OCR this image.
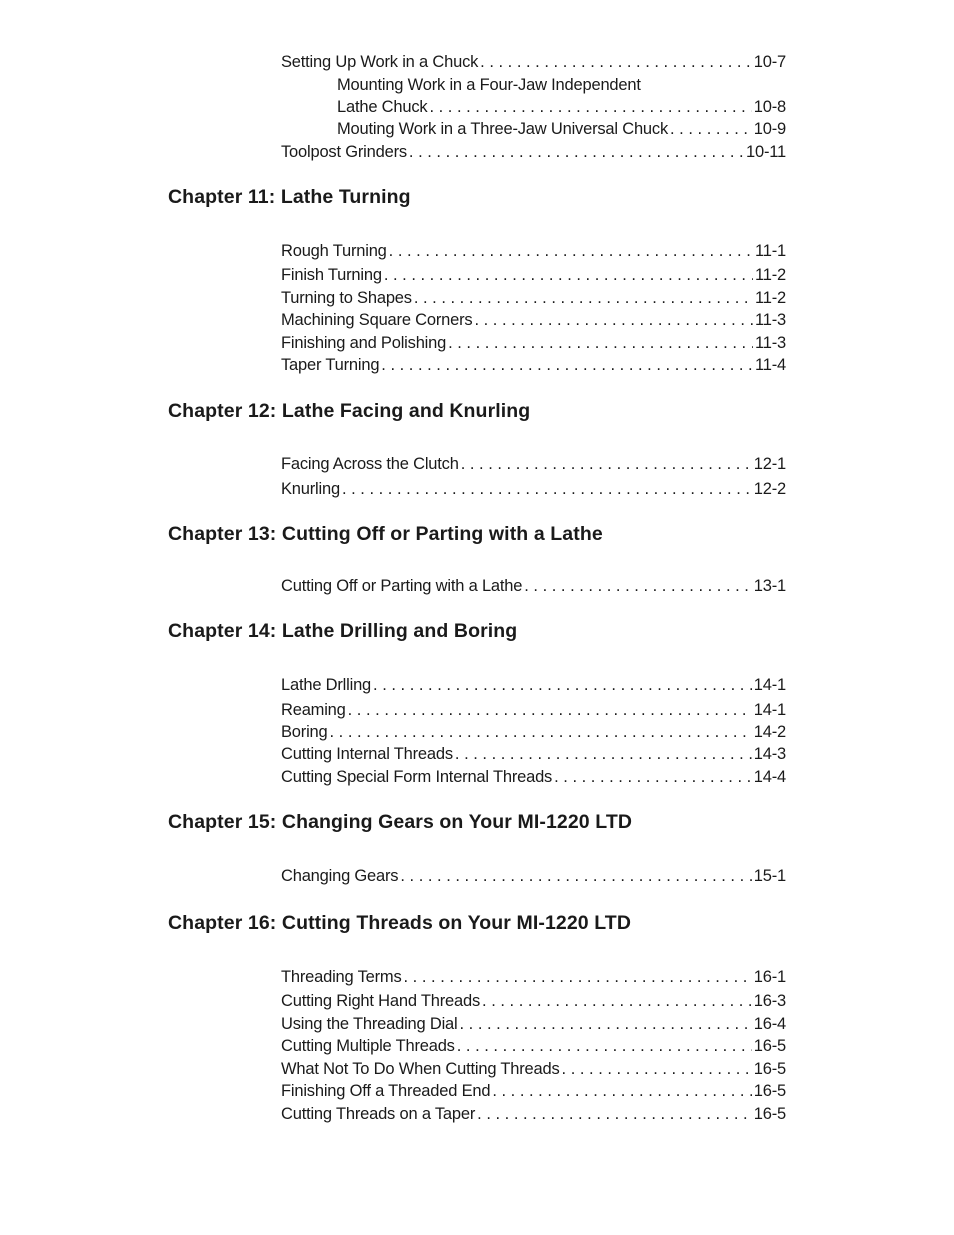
Setting Up Work in a Chuck . . .	10-7
Mounting Work in a Four-Jaw Independent
Lathe Chuck . . .	10-8
Mouting Work in a Three-Jaw Universal Chuck . . .	10-9
Toolpost Grinders . . .	10-11
Chapter 11: Lathe Turning
Rough Turning . . .	11-1
Finish Turning . . .	11-2
Turning to Shapes . . .	11-2
Machining Square Corners . . .	11-3
Finishing and Polishing . . .	11-3
Taper Turning . . .	11-4
Chapter 12: Lathe Facing and Knurling
Facing Across the Clutch . . .	12-1
Knurling . . .	12-2
Chapter 13: Cutting Off or Parting with a Lathe
Cutting Off or Parting with a Lathe . . .	13-1
Chapter 14: Lathe Drilling and Boring
Lathe Drlling . . .	14-1
Reaming . . .	14-1
Boring . . .	14-2
Cutting Internal Threads . . .	14-3
Cutting Special Form Internal Threads . . .	14-4
Chapter 15: Changing Gears on Your MI-1220 LTD
Changing Gears . . .	15-1
Chapter 16: Cutting Threads on Your MI-1220 LTD
Threading Terms . . .	16-1
Cutting Right Hand Threads . . .	16-3
Using the Threading Dial . . .	16-4
Cutting Multiple Threads . . .	16-5
What Not To Do When Cutting Threads . . .	16-5
Finishing Off a Threaded End . . .	16-5
Cutting Threads on a Taper . . .	16-5
